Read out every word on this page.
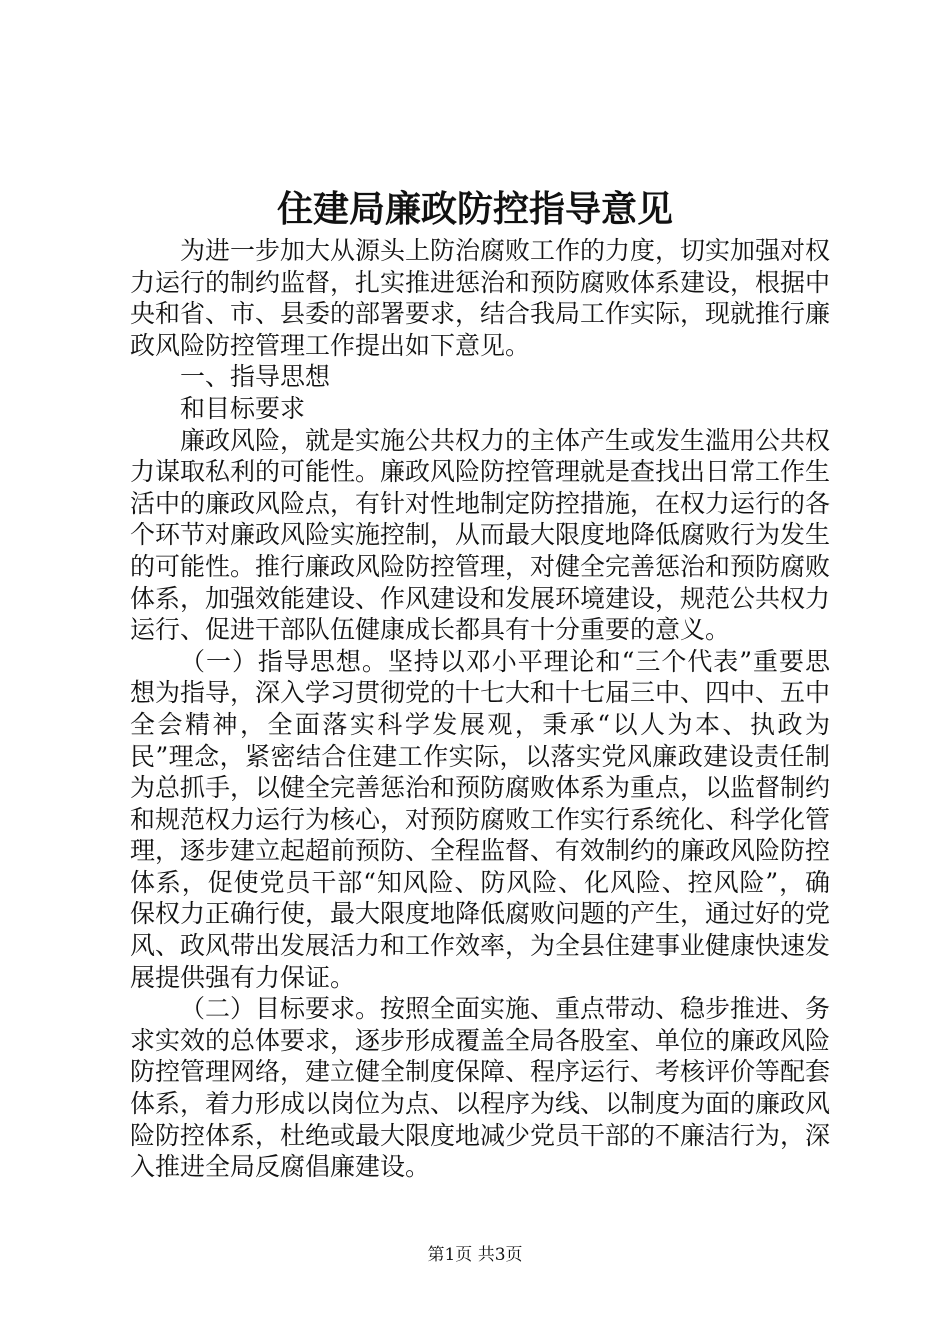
住建局廉政防控指导意见

为进一步加大从源头上防治腐败工作的力度，切实加强对权力运行的制约监督，扎实推进惩治和预防腐败体系建设，根据中央和省、市、县委的部署要求，结合我局工作实际，现就推行廉政风险防控管理工作提出如下意见。

一、指导思想

和目标要求

廉政风险，就是实施公共权力的主体产生或发生滥用公共权力谋取私利的可能性。廉政风险防控管理就是查找出日常工作生活中的廉政风险点，有针对性地制定防控措施，在权力运行的各个环节对廉政风险实施控制，从而最大限度地降低腐败行为发生的可能性。推行廉政风险防控管理，对健全完善惩治和预防腐败体系，加强效能建设、作风建设和发展环境建设，规范公共权力运行、促进干部队伍健康成长都具有十分重要的意义。

（一）指导思想。坚持以邓小平理论和“三个代表”重要思想为指导，深入学习贯彻党的十七大和十七届三中、四中、五中全会精神，全面落实科学发展观，秉承“以人为本、执政为民”理念，紧密结合住建工作实际，以落实党风廉政建设责任制为总抓手，以健全完善惩治和预防腐败体系为重点，以监督制约和规范权力运行为核心，对预防腐败工作实行系统化、科学化管理，逐步建立起超前预防、全程监督、有效制约的廉政风险防控体系，促使党员干部“知风险、防风险、化风险、控风险”，确保权力正确行使，最大限度地降低腐败问题的产生，通过好的党风、政风带出发展活力和工作效率，为全县住建事业健康快速发展提供强有力保证。

（二）目标要求。按照全面实施、重点带动、稳步推进、务求实效的总体要求，逐步形成覆盖全局各股室、单位的廉政风险防控管理网络，建立健全制度保障、程序运行、考核评价等配套体系，着力形成以岗位为点、以程序为线、以制度为面的廉政风险防控体系，杜绝或最大限度地减少党员干部的不廉洁行为，深入推进全局反腐倡廉建设。

第1页 共3页
